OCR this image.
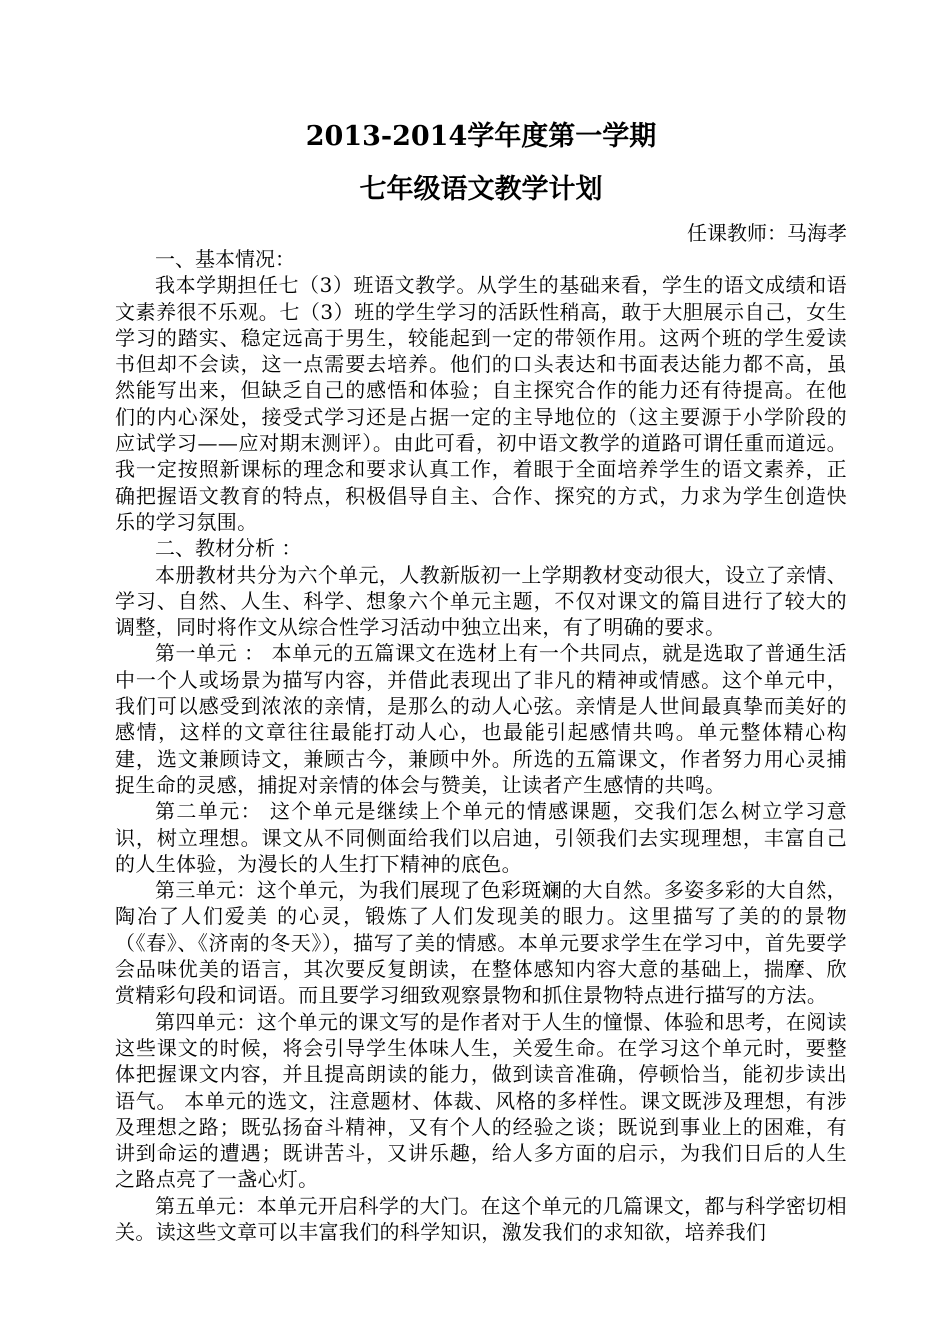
2013-2014学年度第一学期
七年级语文教学计划

任课教师：马海孝

一、基本情况：

我本学期担任七（3）班语文教学。从学生的基础来看，学生的语文成绩和语文素养很不乐观。七（3）班的学生学习的活跃性稍高，敢于大胆展示自己，女生学习的踏实、稳定远高于男生，较能起到一定的带领作用。这两个班的学生爱读书但却不会读，这一点需要去培养。他们的口头表达和书面表达能力都不高，虽然能写出来，但缺乏自己的感悟和体验；自主探究合作的能力还有待提高。在他们的内心深处，接受式学习还是占据一定的主导地位的（这主要源于小学阶段的应试学习——应对期末测评）。由此可看，初中语文教学的道路可谓任重而道远。我一定按照新课标的理念和要求认真工作，着眼于全面培养学生的语文素养，正确把握语文教育的特点，积极倡导自主、合作、探究的方式，力求为学生创造快乐的学习氛围。

二、教材分析 ：

本册教材共分为六个单元，人教新版初一上学期教材变动很大，设立了亲情、学习、自然、人生、科学、想象六个单元主题，不仅对课文的篇目进行了较大的调整，同时将作文从综合性学习活动中独立出来，有了明确的要求。

第一单元 ： 本单元的五篇课文在选材上有一个共同点，就是选取了普通生活中一个人或场景为描写内容，并借此表现出了非凡的精神或情感。这个单元中，我们可以感受到浓浓的亲情，是那么的动人心弦。亲情是人世间最真挚而美好的感情，这样的文章往往最能打动人心，也最能引起感情共鸣。单元整体精心构建，选文兼顾诗文，兼顾古今，兼顾中外。所选的五篇课文，作者努力用心灵捕捉生命的灵感，捕捉对亲情的体会与赞美，让读者产生感情的共鸣。

第二单元： 这个单元是继续上个单元的情感课题，交我们怎么树立学习意识，树立理想。课文从不同侧面给我们以启迪，引领我们去实现理想，丰富自己的人生体验，为漫长的人生打下精神的底色。

第三单元：这个单元，为我们展现了色彩斑斓的大自然。多姿多彩的大自然，陶冶了人们爱美 的心灵，锻炼了人们发现美的眼力。这里描写了美的的景物（《春》、《济南的冬天》），描写了美的情感。本单元要求学生在学习中，首先要学会品味优美的语言，其次要反复朗读，在整体感知内容大意的基础上，揣摩、欣赏精彩句段和词语。而且要学习细致观察景物和抓住景物特点进行描写的方法。

第四单元：这个单元的课文写的是作者对于人生的憧憬、体验和思考，在阅读这些课文的时候，将会引导学生体味人生，关爱生命。在学习这个单元时，要整体把握课文内容，并且提高朗读的能力，做到读音准确，停顿恰当，能初步读出语气。 本单元的选文，注意题材、体裁、风格的多样性。课文既涉及理想，有涉及理想之路；既弘扬奋斗精神，又有个人的经验之谈；既说到事业上的困难，有讲到命运的遭遇；既讲苦斗，又讲乐趣，给人多方面的启示，为我们日后的人生之路点亮了一盏心灯。

第五单元：本单元开启科学的大门。在这个单元的几篇课文，都与科学密切相关。读这些文章可以丰富我们的科学知识，激发我们的求知欲，培养我们
